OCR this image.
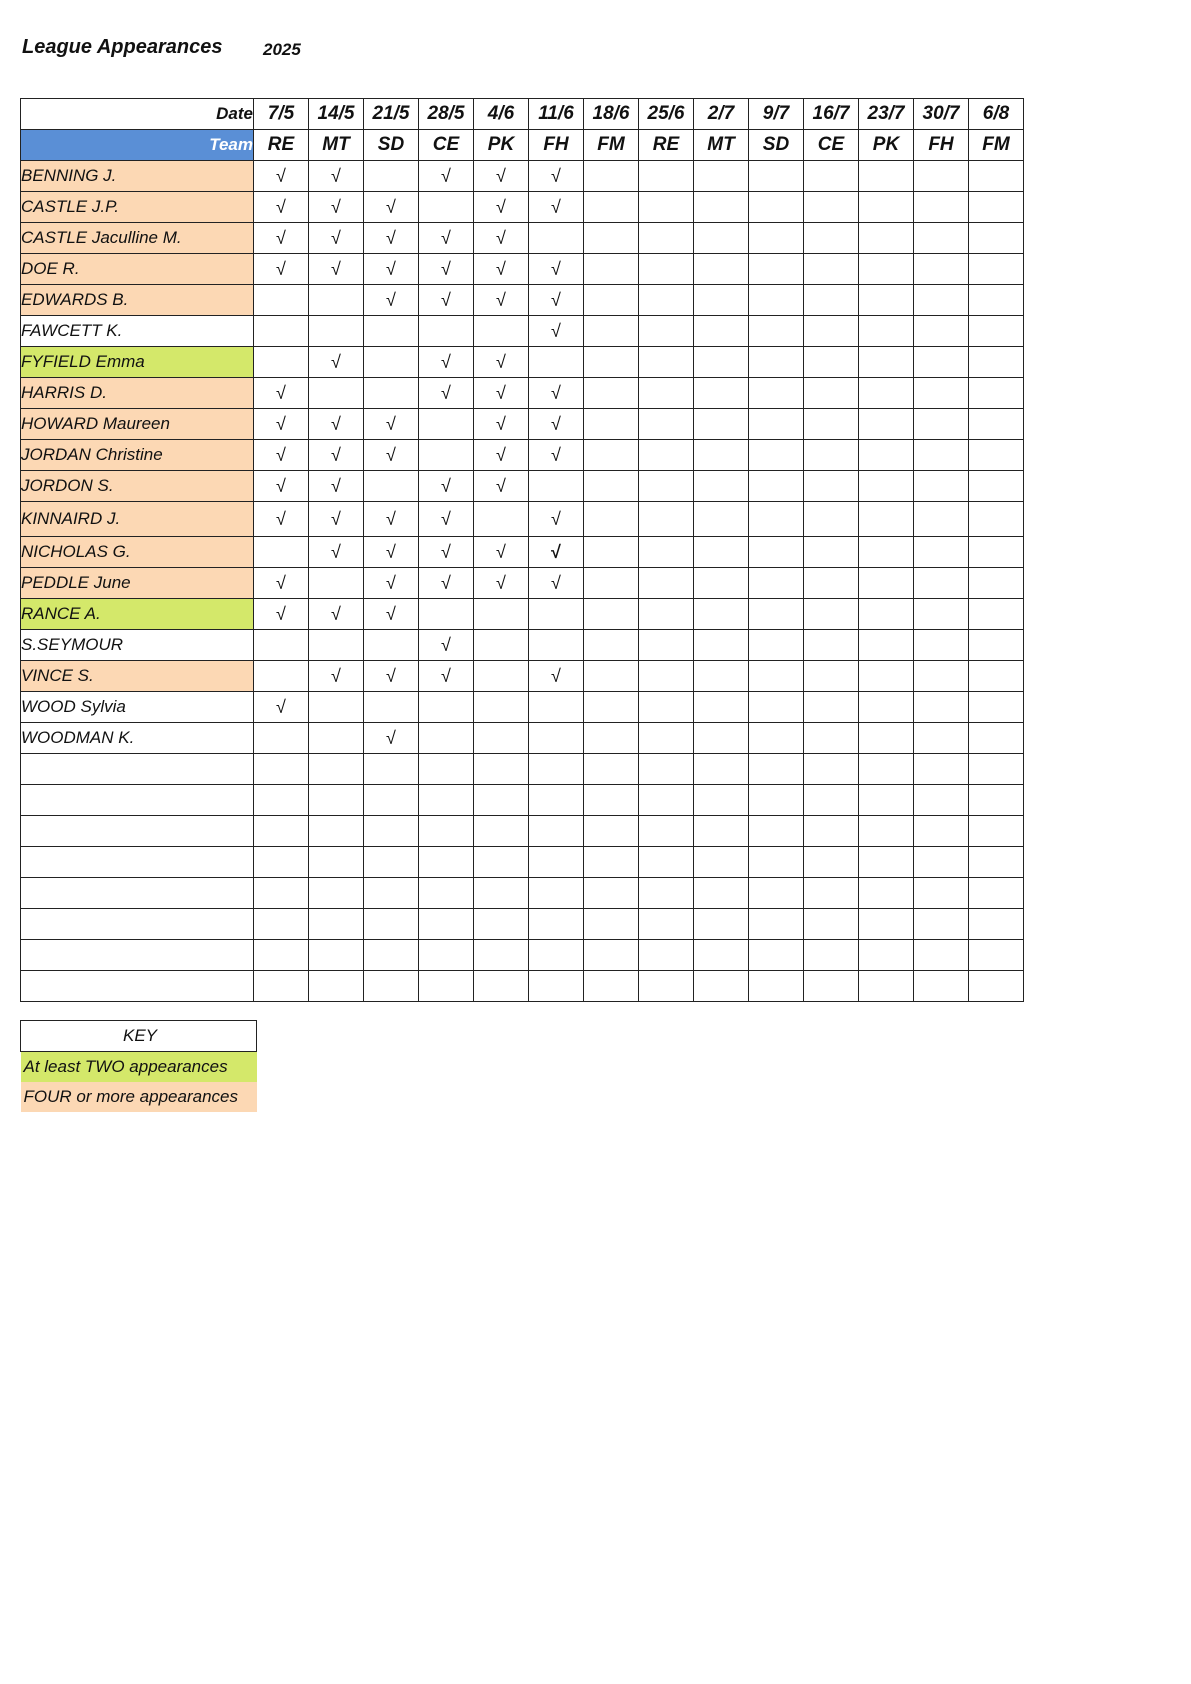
League Appearances 2025
Date	7/5	14/5	21/5	28/5	4/6	11/6	18/6	25/6	2/7	9/7	16/7	23/7	30/7	6/8
Team	RE	MT	SD	CE	PK	FH	FM	RE	MT	SD	CE	PK	FH	FM
BENNING J.	√	√		√	√	√								
CASTLE J.P.	√	√	√		√	√								
CASTLE Jaculline M.	√	√	√	√	√									
DOE R.	√	√	√	√	√	√								
EDWARDS B.			√	√	√	√								
FAWCETT K.						√								
FYFIELD Emma		√		√	√									
HARRIS D.	√			√	√	√								
HOWARD Maureen	√	√	√		√	√								
JORDAN Christine	√	√	√		√	√								
JORDON S.	√	√		√	√									
KINNAIRD J.	√	√	√	√		√								
NICHOLAS G.		√	√	√	√	√								
PEDDLE June	√		√	√	√	√								
RANCE A.	√	√	√											
S.SEYMOUR				√										
VINCE S.		√	√	√		√								
WOOD Sylvia	√													
WOODMAN K.			√											

KEY
At least TWO appearances
FOUR or more appearances
